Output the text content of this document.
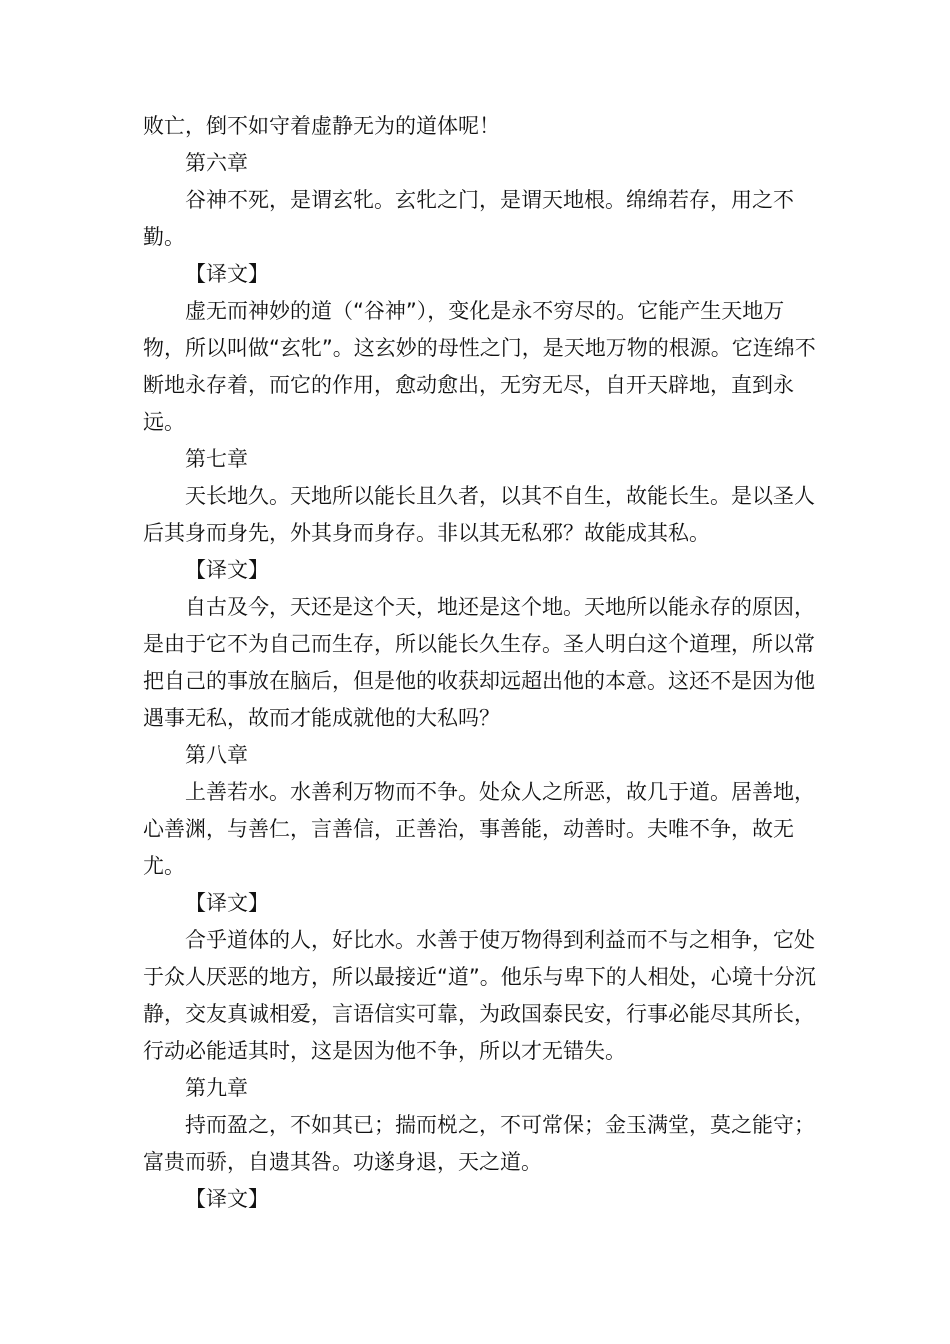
败亡，倒不如守着虚静无为的道体呢！

第六章

谷神不死，是谓玄牝。玄牝之门，是谓天地根。绵绵若存，用之不勤。

【译文】

虚无而神妙的道（“谷神”），变化是永不穷尽的。它能产生天地万物，所以叫做“玄牝”。这玄妙的母性之门，是天地万物的根源。它连绵不断地永存着，而它的作用，愈动愈出，无穷无尽，自开天辟地，直到永远。

第七章

天长地久。天地所以能长且久者，以其不自生，故能长生。是以圣人后其身而身先，外其身而身存。非以其无私邪？故能成其私。

【译文】

自古及今，天还是这个天，地还是这个地。天地所以能永存的原因，是由于它不为自己而生存，所以能长久生存。圣人明白这个道理，所以常把自己的事放在脑后，但是他的收获却远超出他的本意。这还不是因为他遇事无私，故而才能成就他的大私吗？

第八章

上善若水。水善利万物而不争。处众人之所恶，故几于道。居善地，心善渊，与善仁，言善信，正善治，事善能，动善时。夫唯不争，故无尤。

【译文】

合乎道体的人，好比水。水善于使万物得到利益而不与之相争，它处于众人厌恶的地方，所以最接近“道”。他乐与卑下的人相处，心境十分沉静，交友真诚相爱，言语信实可靠，为政国泰民安，行事必能尽其所长，行动必能适其时，这是因为他不争，所以才无错失。

第九章

持而盈之，不如其已；揣而棁之，不可常保；金玉满堂，莫之能守；富贵而骄，自遗其咎。功遂身退，天之道。

【译文】
